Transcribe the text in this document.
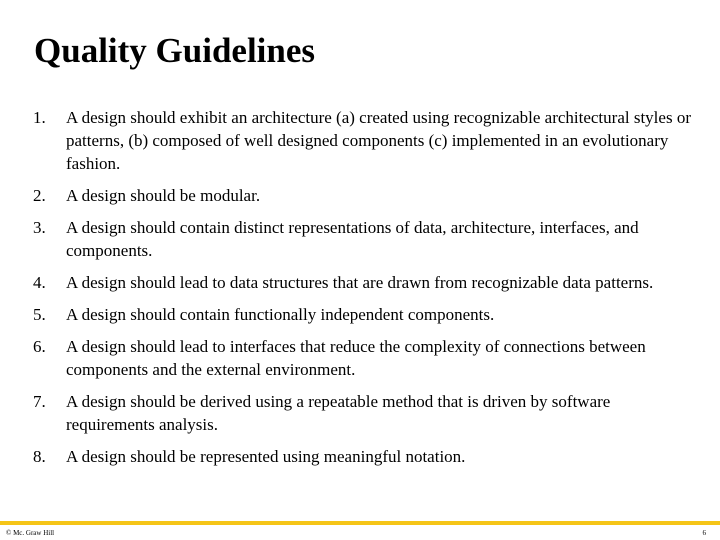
Quality Guidelines
1. A design should exhibit an architecture (a) created using recognizable architectural styles or patterns, (b) composed of well designed components (c) implemented in an evolutionary fashion.
2. A design should be modular.
3. A design should contain distinct representations of data, architecture, interfaces, and components.
4. A design should lead to data structures that are drawn from recognizable data patterns.
5. A design should contain functionally independent components.
6. A design should lead to interfaces that reduce the complexity of connections between components and the external environment.
7. A design should be derived using a repeatable method that is driven by software requirements analysis.
8. A design should be represented using meaningful notation.
© Mc. Graw Hill	6
